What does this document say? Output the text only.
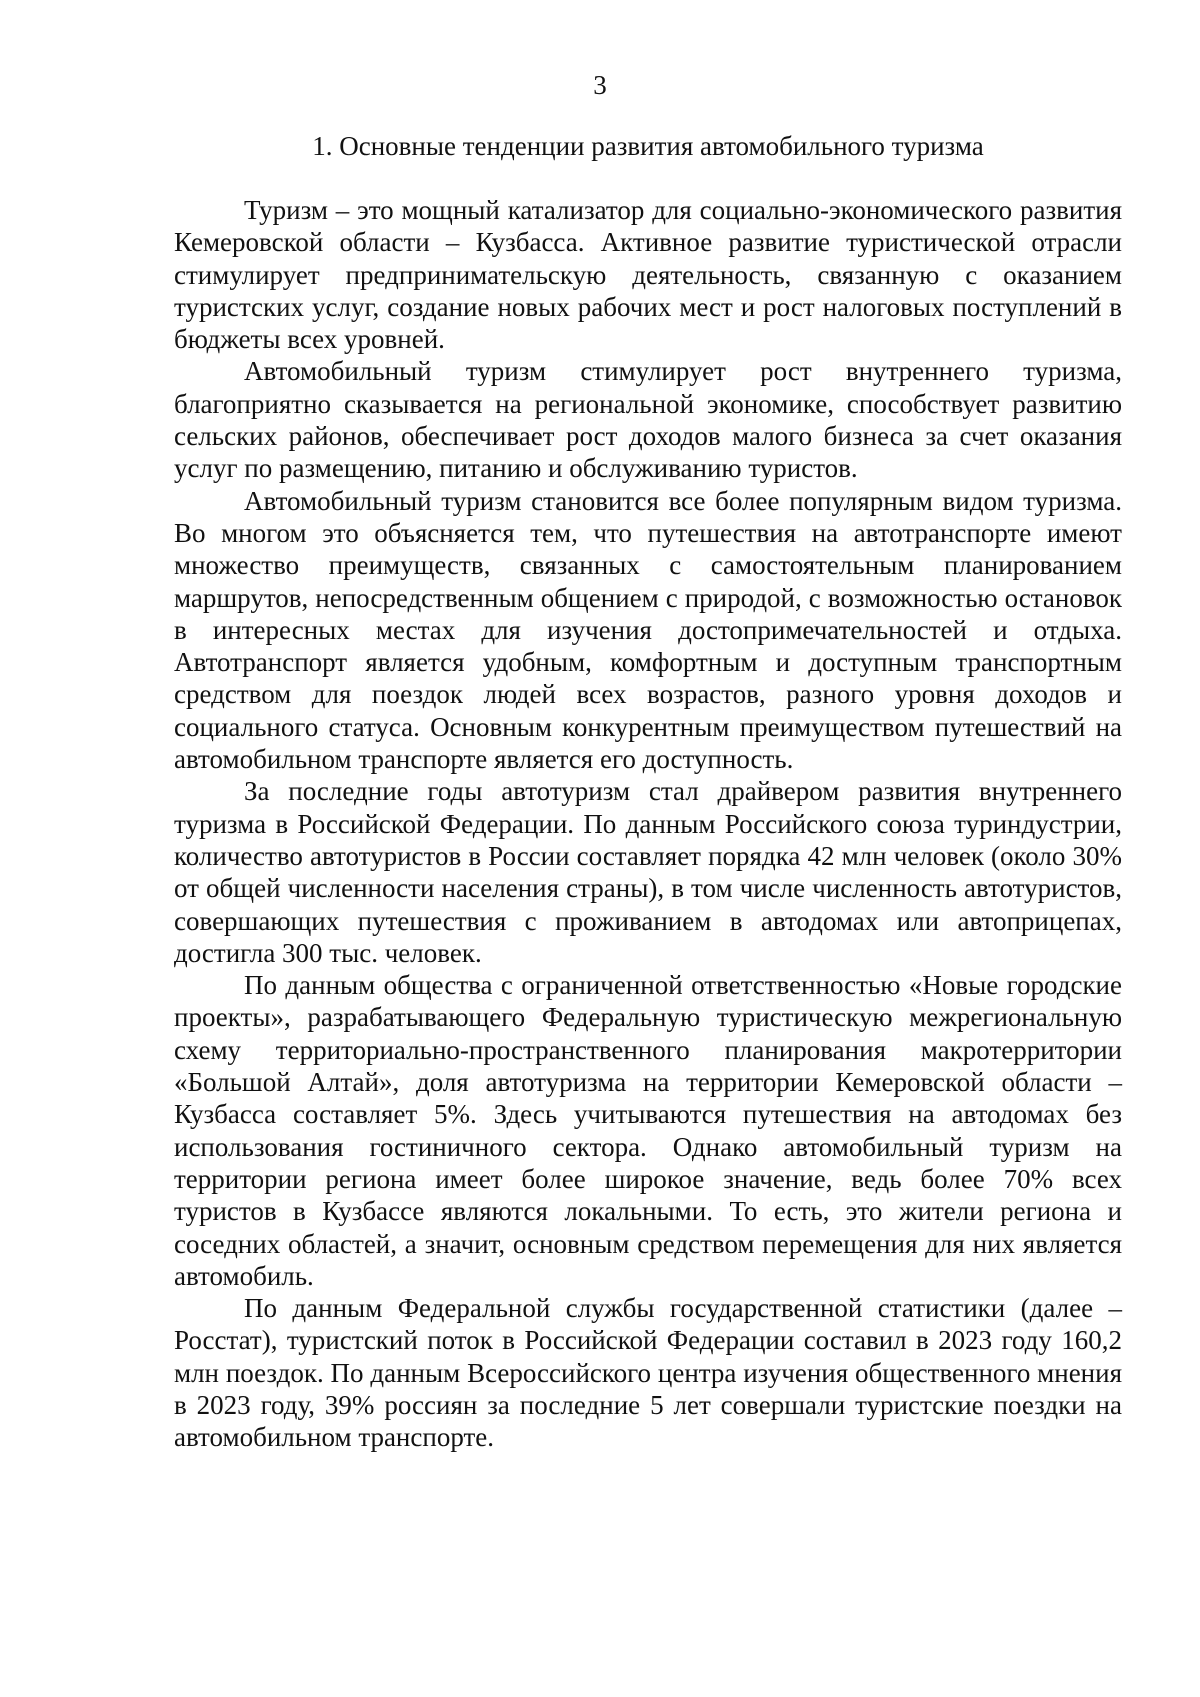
3
1. Основные тенденции развития автомобильного туризма

Туризм – это мощный катализатор для социально-экономического развития Кемеровской области – Кузбасса. Активное развитие туристической отрасли стимулирует предпринимательскую деятельность, связанную с оказанием туристских услуг, создание новых рабочих мест и рост налоговых поступлений в бюджеты всех уровней.

Автомобильный туризм стимулирует рост внутреннего туризма, благоприятно сказывается на региональной экономике, способствует развитию сельских районов, обеспечивает рост доходов малого бизнеса за счет оказания услуг по размещению, питанию и обслуживанию туристов.

Автомобильный туризм становится все более популярным видом туризма. Во многом это объясняется тем, что путешествия на автотранспорте имеют множество преимуществ, связанных с самостоятельным планированием маршрутов, непосредственным общением с природой, с возможностью остановок в интересных местах для изучения достопримечательностей и отдыха. Автотранспорт является удобным, комфортным и доступным транспортным средством для поездок людей всех возрастов, разного уровня доходов и социального статуса. Основным конкурентным преимуществом путешествий на автомобильном транспорте является его доступность.

За последние годы автотуризм стал драйвером развития внутреннего туризма в Российской Федерации. По данным Российского союза туриндустрии, количество автотуристов в России составляет порядка 42 млн человек (около 30% от общей численности населения страны), в том числе численность автотуристов, совершающих путешествия с проживанием в автодомах или автоприцепах, достигла 300 тыс. человек.

По данным общества с ограниченной ответственностью «Новые городские проекты», разрабатывающего Федеральную туристическую межрегиональную схему территориально-пространственного планирования макротерритории «Большой Алтай», доля автотуризма на территории Кемеровской области – Кузбасса составляет 5%. Здесь учитываются путешествия на автодомах без использования гостиничного сектора. Однако автомобильный туризм на территории региона имеет более широкое значение, ведь более 70% всех туристов в Кузбассе являются локальными. То есть, это жители региона и соседних областей, а значит, основным средством перемещения для них является автомобиль.

По данным Федеральной службы государственной статистики (далее – Росстат), туристский поток в Российской Федерации составил в 2023 году 160,2 млн поездок. По данным Всероссийского центра изучения общественного мнения в 2023 году, 39% россиян за последние 5 лет совершали туристские поездки на автомобильном транспорте.
